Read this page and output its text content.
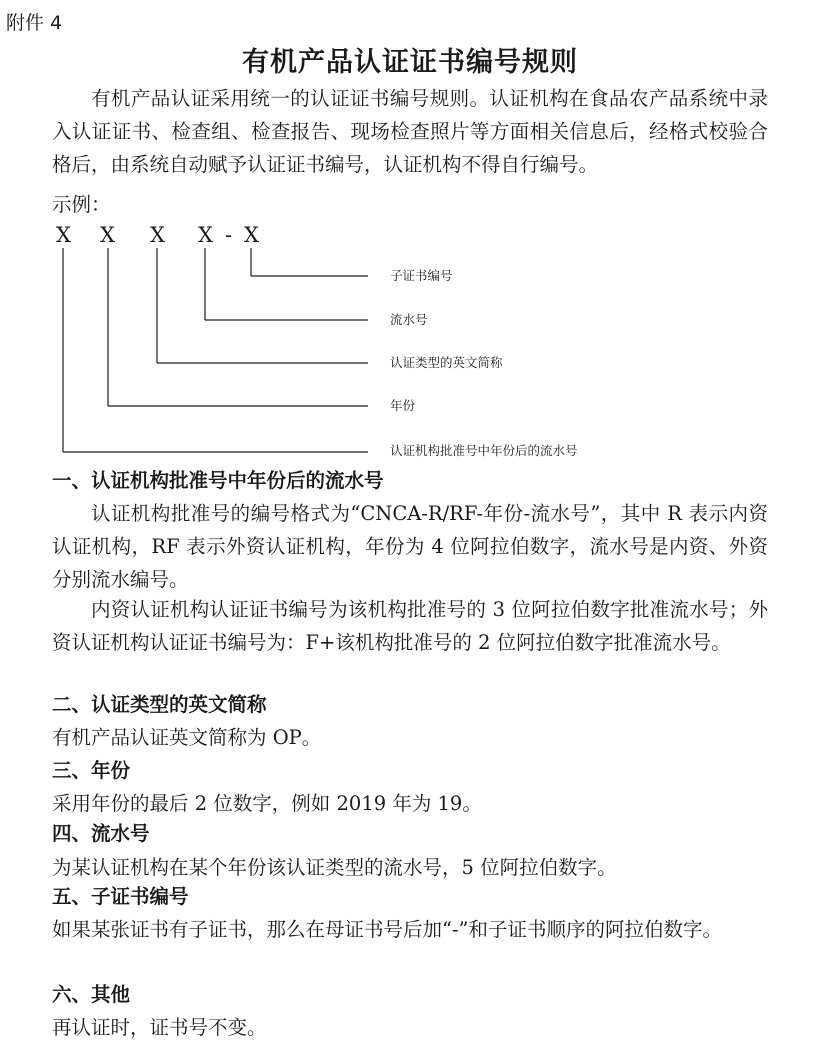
附件 4
有机产品认证证书编号规则

有机产品认证采用统一的认证证书编号规则。认证机构在食品农产品系统中录入认证证书、检查组、检查报告、现场检查照片等方面相关信息后，经格式校验合格后，由系统自动赋予认证证书编号，认证机构不得自行编号。

示例：
X X X X - X
子证书编号
流水号
认证类型的英文简称
年份
认证机构批准号中年份后的流水号
一、认证机构批准号中年份后的流水号

认证机构批准号的编号格式为“CNCA-R/RF-年份-流水号”，其中 R 表示内资认证机构，RF 表示外资认证机构，年份为 4 位阿拉伯数字，流水号是内资、外资分别流水编号。

内资认证机构认证证书编号为该机构批准号的 3 位阿拉伯数字批准流水号；外资认证机构认证证书编号为：F+该机构批准号的 2 位阿拉伯数字批准流水号。

二、认证类型的英文简称

有机产品认证英文简称为 OP。

三、年份

采用年份的最后 2 位数字，例如 2019 年为 19。

四、流水号

为某认证机构在某个年份该认证类型的流水号，5 位阿拉伯数字。

五、子证书编号

如果某张证书有子证书，那么在母证书号后加“-”和子证书顺序的阿拉伯数字。

六、其他

再认证时，证书号不变。
